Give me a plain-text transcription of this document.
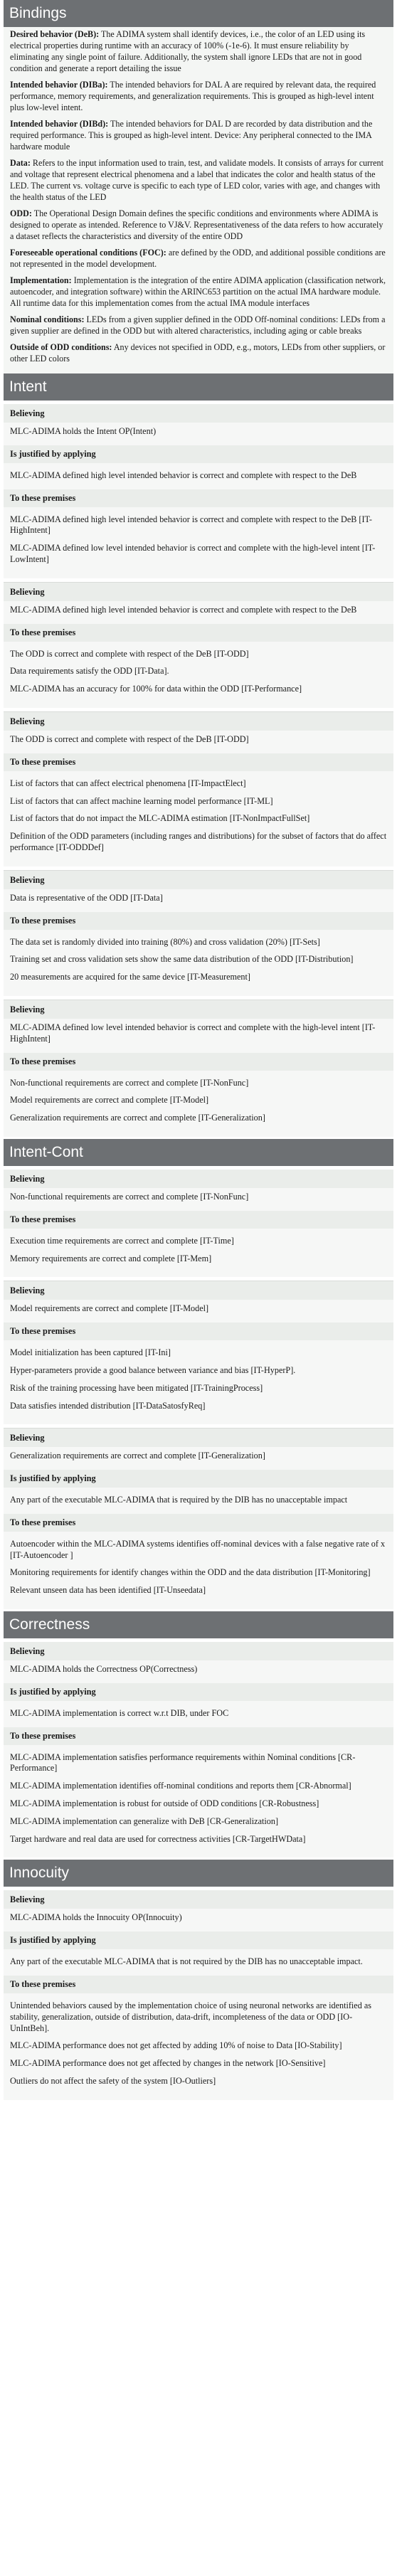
Bindings

Desired behavior (DeB): The ADIMA system shall identify devices, i.e., the color of an LED using its electrical properties during runtime with an accuracy of 100% (-1e-6). It must ensure reliability by eliminating any single point of failure. Additionally, the system shall ignore LEDs that are not in good condition and generate a report detailing the issue

Intended behavior (DIBa): The intended behaviors for DAL A are required by relevant data, the required performance, memory requirements, and generalization requirements. This is grouped as high-level intent plus low-level intent.

Intended behavior (DIBd): The intended behaviors for DAL D are recorded by data distribution and the required performance. This is grouped as high-level intent. Device: Any peripheral connected to the IMA hardware module

Data: Refers to the input information used to train, test, and validate models. It consists of arrays for current and voltage that represent electrical phenomena and a label that indicates the color and health status of the LED. The current vs. voltage curve is specific to each type of LED color, varies with age, and changes with the health status of the LED

ODD: The Operational Design Domain defines the specific conditions and environments where ADIMA is designed to operate as intended. Reference to VJ&V. Representativeness of the data refers to how accurately a dataset reflects the characteristics and diversity of the entire ODD

Foreseeable operational conditions (FOC): are defined by the ODD, and additional possible conditions are not represented in the model development.

Implementation: Implementation is the integration of the entire ADIMA application (classification network, autoencoder, and integration software) within the ARINC653 partition on the actual IMA hardware module. All runtime data for this implementation comes from the actual IMA module interfaces

Nominal conditions: LEDs from a given supplier defined in the ODD Off-nominal conditions: LEDs from a given supplier are defined in the ODD but with altered characteristics, including aging or cable breaks

Outside of ODD conditions: Any devices not specified in ODD, e.g., motors, LEDs from other suppliers, or other LED colors

Intent

Believing

MLC-ADIMA holds the Intent OP(Intent)

Is justified by applying

MLC-ADIMA defined high level intended behavior is correct and complete with respect to the DeB

To these premises

MLC-ADIMA defined high level intended behavior is correct and complete with respect to the DeB [IT-HighIntent]

MLC-ADIMA defined low level intended behavior is correct and complete with the high-level intent [IT-LowIntent]

Believing

MLC-ADIMA defined high level intended behavior is correct and complete with respect to the DeB

To these premises

The ODD is correct and complete with respect of the DeB [IT-ODD]

Data requirements satisfy the ODD [IT-Data].

MLC-ADIMA has an accuracy for 100% for data within the ODD [IT-Performance]

Believing

The ODD is correct and complete with respect of the DeB [IT-ODD]

To these premises

List of factors that can affect electrical phenomena [IT-ImpactElect]

List of factors that can affect machine learning model performance [IT-ML]

List of factors that do not impact the MLC-ADIMA estimation [IT-NonImpactFullSet]

Definition of the ODD parameters (including ranges and distributions) for the subset of factors that do affect performance [IT-ODDDef]

Believing

Data is representative of the ODD [IT-Data]

To these premises

The data set is randomly divided into training (80%) and cross validation (20%) [IT-Sets]

Training set and cross validation sets show the same data distribution of the ODD [IT-Distribution]

20 measurements are acquired for the same device [IT-Measurement]

Believing

MLC-ADIMA defined low level intended behavior is correct and complete with the high-level intent [IT-HighIntent]

To these premises

Non-functional requirements are correct and complete [IT-NonFunc]

Model requirements are correct and complete [IT-Model]

Generalization requirements are correct and complete [IT-Generalization]

Intent-Cont

Believing

Non-functional requirements are correct and complete [IT-NonFunc]

To these premises

Execution time requirements are correct and complete [IT-Time]

Memory requirements are correct and complete [IT-Mem]

Believing

Model requirements are correct and complete [IT-Model]

To these premises

Model initialization has been captured [IT-Ini]

Hyper-parameters provide a good balance between variance and bias [IT-HyperP].

Risk of the training processing have been mitigated [IT-TrainingProcess]

Data satisfies intended distribution [IT-DataSatosfyReq]

Believing

Generalization requirements are correct and complete [IT-Generalization]

Is justified by applying

Any part of the executable MLC-ADIMA that is required by the DIB has no unacceptable impact

To these premises

Autoencoder within the MLC-ADIMA systems identifies off-nominal devices with a false negative rate of x [IT-Autoencoder ]

Monitoring requirements for identify changes within the ODD and the data distribution [IT-Monitoring]

Relevant unseen data has been identified [IT-Unseedata]

Correctness

Believing

MLC-ADIMA holds the Correctness OP(Correctness)

Is justified by applying

MLC-ADIMA implementation is correct w.r.t DIB, under FOC

To these premises

MLC-ADIMA implementation satisfies performance requirements within Nominal conditions [CR-Performance]

MLC-ADIMA implementation identifies off-nominal conditions and reports them [CR-Abnormal]

MLC-ADIMA implementation is robust for outside of ODD conditions [CR-Robustness]

MLC-ADIMA implementation can generalize with DeB [CR-Generalization]

Target hardware and real data are used for correctness activities [CR-TargetHWData]

Innocuity

Believing

MLC-ADIMA holds the Innocuity OP(Innocuity)

Is justified by applying

Any part of the executable MLC-ADIMA that is not required by the DIB has no unacceptable impact.

To these premises

Unintended behaviors caused by the implementation choice of using neuronal networks are identified as stability, generalization, outside of distribution, data-drift, incompleteness of the data or ODD [IO-UnIntBeh].

MLC-ADIMA performance does not get affected by adding 10% of noise to Data [IO-Stability]

MLC-ADIMA performance does not get affected by changes in the network [IO-Sensitive]

Outliers do not affect the safety of the system [IO-Outliers]
